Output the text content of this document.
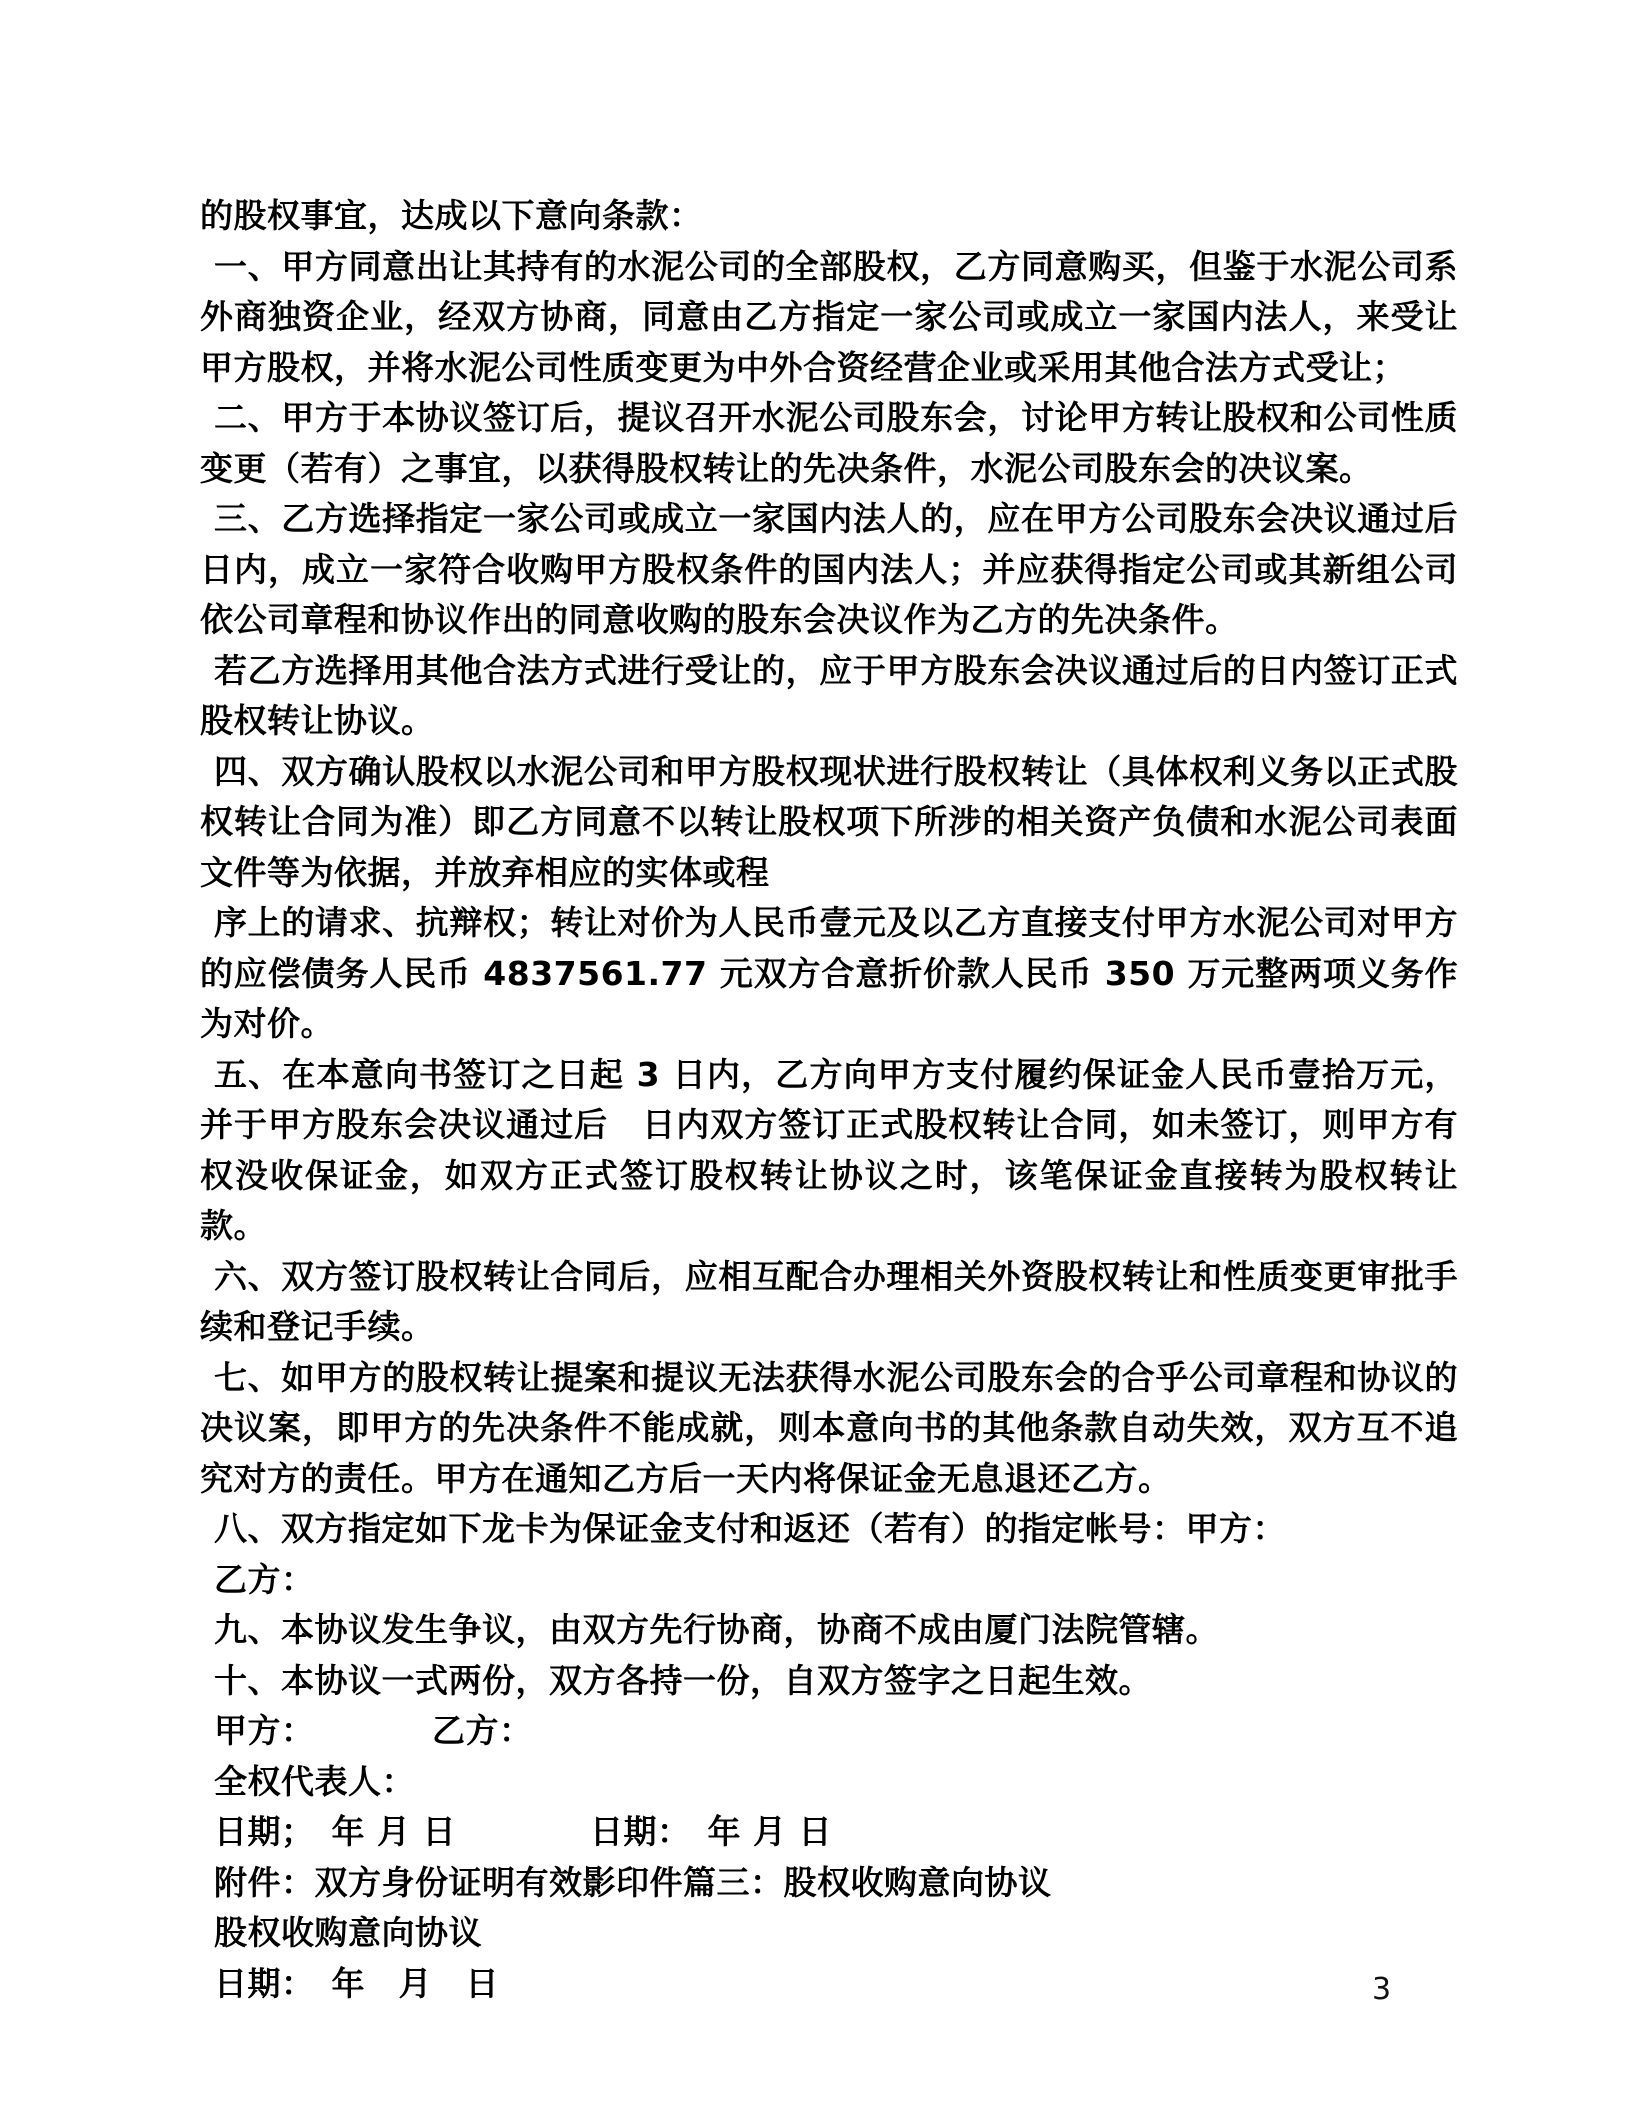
的股权事宜，达成以下意向条款：

一、甲方同意出让其持有的水泥公司的全部股权，乙方同意购买，但鉴于水泥公司系外商独资企业，经双方协商，同意由乙方指定一家公司或成立一家国内法人，来受让甲方股权，并将水泥公司性质变更为中外合资经营企业或采用其他合法方式受让；

二、甲方于本协议签订后，提议召开水泥公司股东会，讨论甲方转让股权和公司性质变更（若有）之事宜，以获得股权转让的先决条件，水泥公司股东会的决议案。

三、乙方选择指定一家公司或成立一家国内法人的，应在甲方公司股东会决议通过后　日内，成立一家符合收购甲方股权条件的国内法人；并应获得指定公司或其新组公司依公司章程和协议作出的同意收购的股东会决议作为乙方的先决条件。

若乙方选择用其他合法方式进行受让的，应于甲方股东会决议通过后的日内签订正式股权转让协议。

四、双方确认股权以水泥公司和甲方股权现状进行股权转让（具体权利义务以正式股权转让合同为准）即乙方同意不以转让股权项下所涉的相关资产负债和水泥公司表面文件等为依据，并放弃相应的实体或程

序上的请求、抗辩权；转让对价为人民币壹元及以乙方直接支付甲方水泥公司对甲方的应偿债务人民币 4837561.77 元双方合意折价款人民币 350 万元整两项义务作为对价。

五、在本意向书签订之日起 3 日内，乙方向甲方支付履约保证金人民币壹拾万元，并于甲方股东会决议通过后　日内双方签订正式股权转让合同，如未签订，则甲方有权没收保证金，如双方正式签订股权转让协议之时，该笔保证金直接转为股权转让款。

六、双方签订股权转让合同后，应相互配合办理相关外资股权转让和性质变更审批手续和登记手续。

七、如甲方的股权转让提案和提议无法获得水泥公司股东会的合乎公司章程和协议的决议案，即甲方的先决条件不能成就，则本意向书的其他条款自动失效，双方互不追究对方的责任。甲方在通知乙方后一天内将保证金无息退还乙方。

八、双方指定如下龙卡为保证金支付和返还（若有）的指定帐号：甲方：

乙方：

九、本协议发生争议，由双方先行协商，协商不成由厦门法院管辖。

十、本协议一式两份，双方各持一份，自双方签字之日起生效。

甲方：　　　　乙方：

全权代表人：

日期；　年 月 日　　　　日期：　年 月 日

附件：双方身份证明有效影印件篇三：股权收购意向协议

股权收购意向协议

日期：　年　月　日	3
